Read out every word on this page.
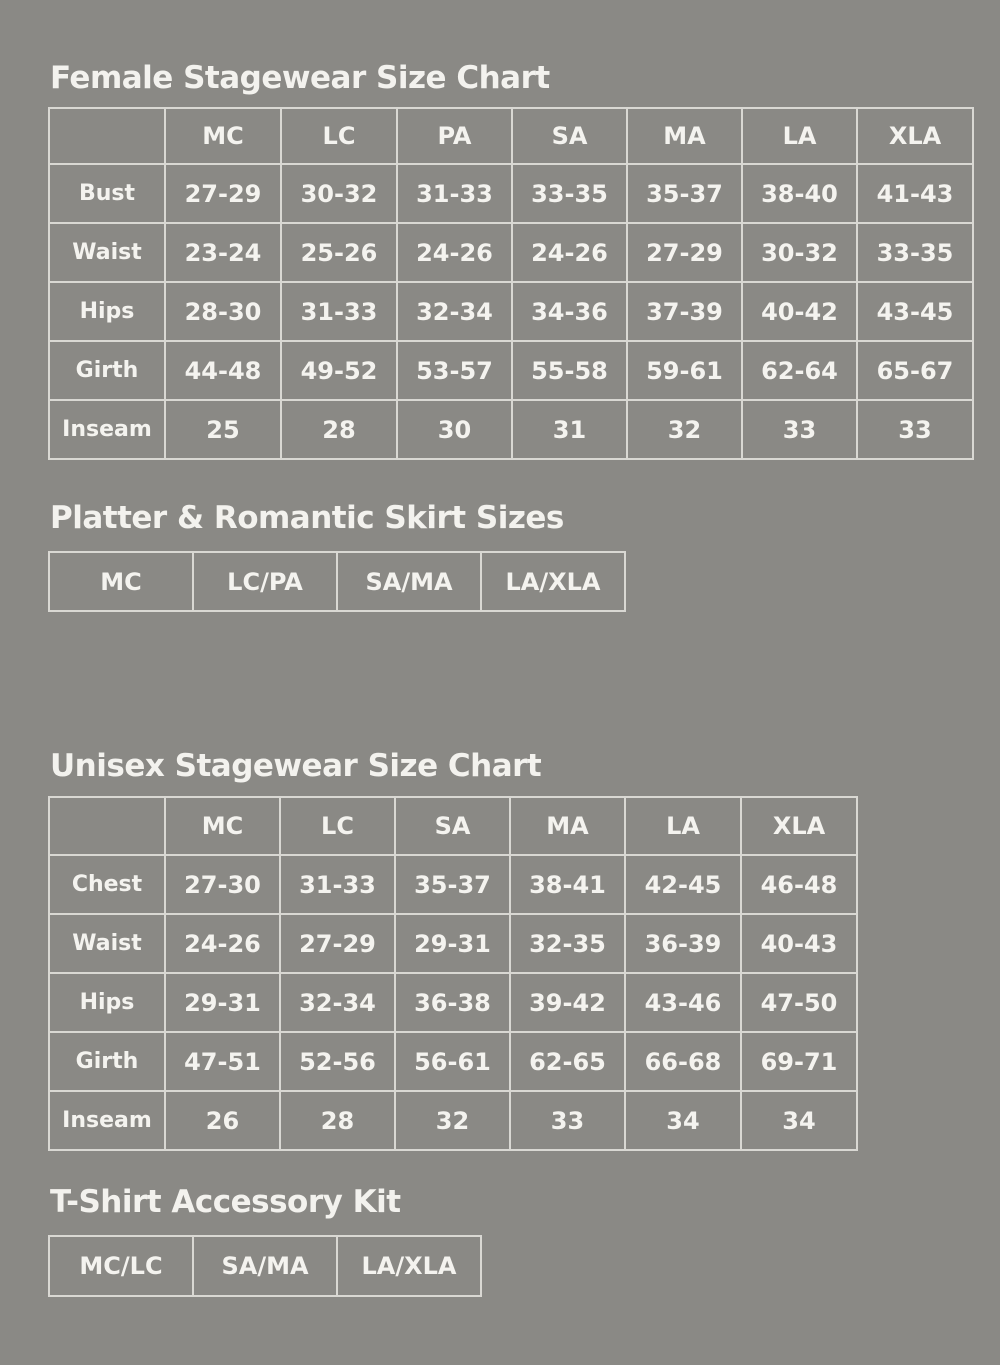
Female Stagewear Size Chart
	MC	LC	PA	SA	MA	LA	XLA
Bust	27-29	30-32	31-33	33-35	35-37	38-40	41-43
Waist	23-24	25-26	24-26	24-26	27-29	30-32	33-35
Hips	28-30	31-33	32-34	34-36	37-39	40-42	43-45
Girth	44-48	49-52	53-57	55-58	59-61	62-64	65-67
Inseam	25	28	30	31	32	33	33
Platter & Romantic Skirt Sizes
MC	LC/PA	SA/MA	LA/XLA
Unisex Stagewear Size Chart
	MC	LC	SA	MA	LA	XLA
Chest	27-30	31-33	35-37	38-41	42-45	46-48
Waist	24-26	27-29	29-31	32-35	36-39	40-43
Hips	29-31	32-34	36-38	39-42	43-46	47-50
Girth	47-51	52-56	56-61	62-65	66-68	69-71
Inseam	26	28	32	33	34	34
T-Shirt Accessory Kit
MC/LC	SA/MA	LA/XLA
